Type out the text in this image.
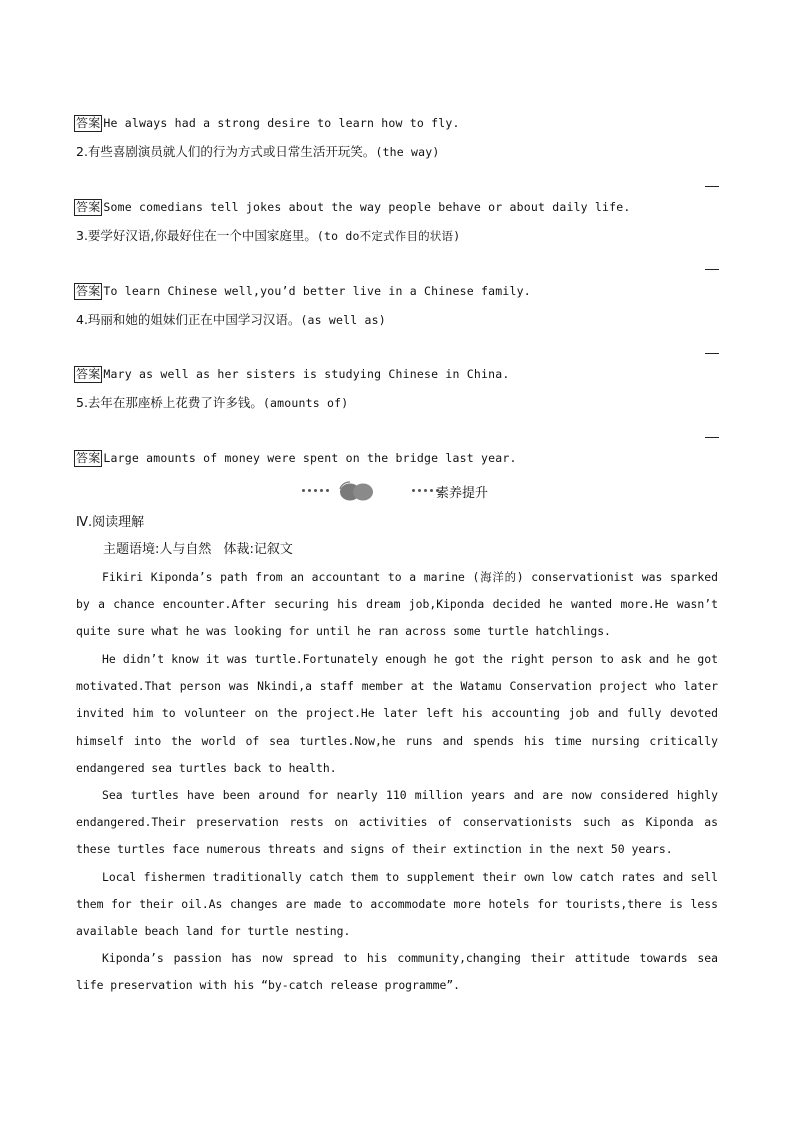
答案 He always had a strong desire to learn how to fly.
2.有些喜剧演员就人们的行为方式或日常生活开玩笑。(the way)
答案 Some comedians tell jokes about the way people behave or about daily life.
3.要学好汉语,你最好住在一个中国家庭里。(to do不定式作目的状语)
答案 To learn Chinese well,you’d better live in a Chinese family.
4.玛丽和她的姐妹们正在中国学习汉语。(as well as)
答案 Mary as well as her sisters is studying Chinese in China.
5.去年在那座桥上花费了许多钱。(amounts of)
答案 Large amounts of money were spent on the bridge last year.
素养提升
Ⅳ.阅读理解
主题语境:人与自然 体裁:记叙文
Fikiri Kiponda’s path from an accountant to a marine (海洋的) conservationist was sparked by a chance encounter.After securing his dream job,Kiponda decided he wanted more.He wasn’t quite sure what he was looking for until he ran across some turtle hatchlings.
He didn’t know it was turtle.Fortunately enough he got the right person to ask and he got motivated.That person was Nkindi,a staff member at the Watamu Conservation project who later invited him to volunteer on the project.He later left his accounting job and fully devoted himself into the world of sea turtles.Now,he runs and spends his time nursing critically endangered sea turtles back to health.
Sea turtles have been around for nearly 110 million years and are now considered highly endangered.Their preservation rests on activities of conservationists such as Kiponda as these turtles face numerous threats and signs of their extinction in the next 50 years.
Local fishermen traditionally catch them to supplement their own low catch rates and sell them for their oil.As changes are made to accommodate more hotels for tourists,there is less available beach land for turtle nesting.
Kiponda’s passion has now spread to his community,changing their attitude towards sea life preservation with his “by-catch release programme”.
